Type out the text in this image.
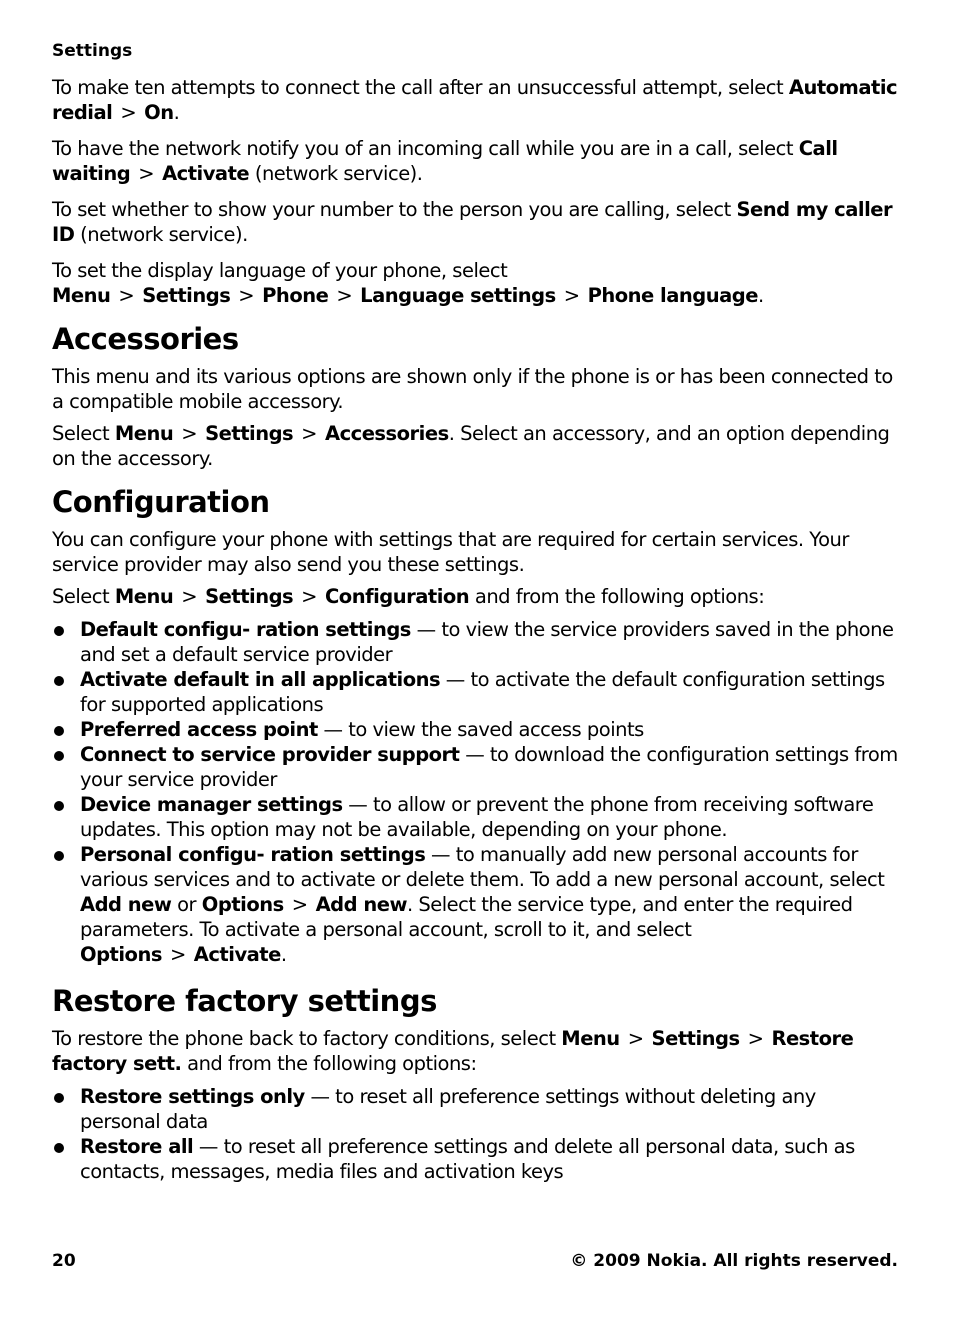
Settings

To make ten attempts to connect the call after an unsuccessful attempt, select Automatic redial > On.

To have the network notify you of an incoming call while you are in a call, select Call waiting > Activate (network service).

To set whether to show your number to the person you are calling, select Send my caller ID (network service).

To set the display language of your phone, select Menu > Settings > Phone > Language settings > Phone language.

Accessories

This menu and its various options are shown only if the phone is or has been connected to a compatible mobile accessory.

Select Menu > Settings > Accessories. Select an accessory, and an option depending on the accessory.

Configuration

You can configure your phone with settings that are required for certain services. Your service provider may also send you these settings.

Select Menu > Settings > Configuration and from the following options:

Default configu- ration settings — to view the service providers saved in the phone and set a default service provider
Activate default in all applications — to activate the default configuration settings for supported applications
Preferred access point — to view the saved access points
Connect to service provider support — to download the configuration settings from your service provider
Device manager settings — to allow or prevent the phone from receiving software updates. This option may not be available, depending on your phone.
Personal configu- ration settings — to manually add new personal accounts for various services and to activate or delete them. To add a new personal account, select Add new or Options > Add new. Select the service type, and enter the required parameters. To activate a personal account, scroll to it, and select Options > Activate.
Restore factory settings

To restore the phone back to factory conditions, select Menu > Settings > Restore factory sett. and from the following options:

Restore settings only — to reset all preference settings without deleting any personal data
Restore all — to reset all preference settings and delete all personal data, such as contacts, messages, media files and activation keys
20	© 2009 Nokia. All rights reserved.
